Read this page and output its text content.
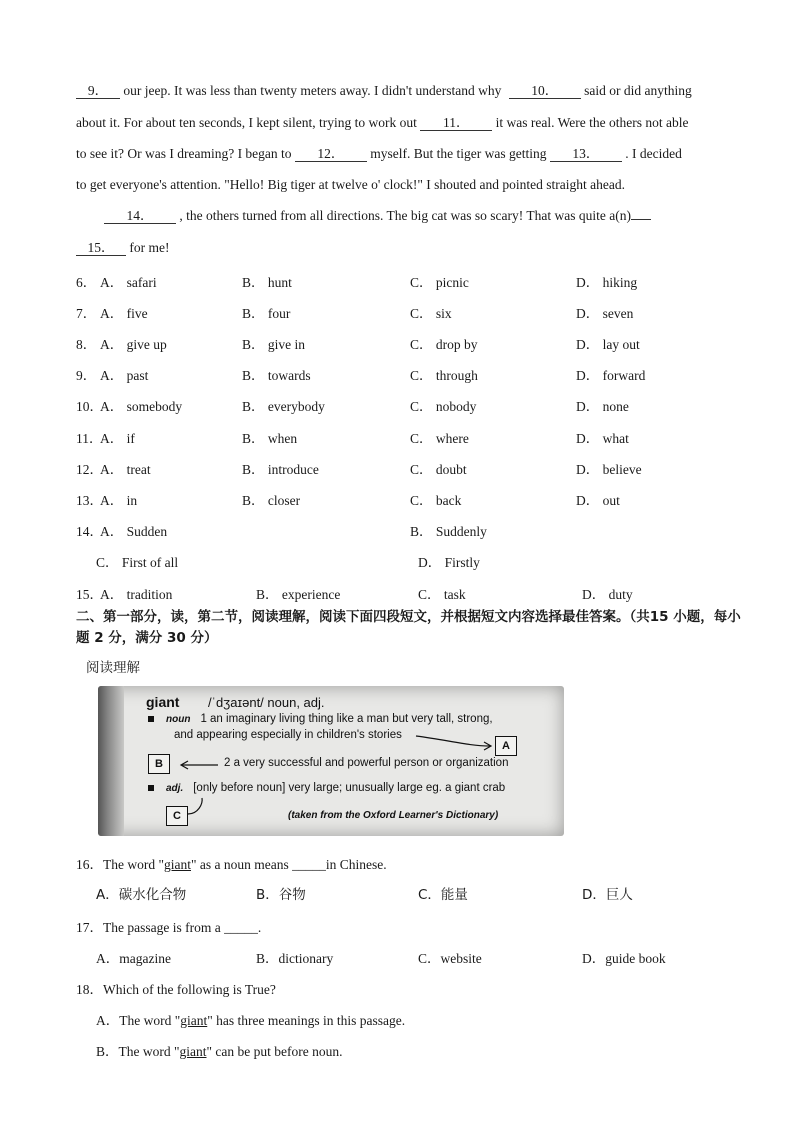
9． our jeep. It was less than twenty meters away. I didn't understand why 10． said or did anything
about it. For about ten seconds, I kept silent, trying to work out 11． it was real. Were the others not able
to see it? Or was I dreaming? I began to 12． myself. But the tiger was getting 13． . I decided
to get everyone's attention. "Hello! Big tiger at twelve o' clock!" I shouted and pointed straight ahead.
14． , the others turned from all directions. The big cat was so scary! That was quite a(n)
15． for me!
6． A． safari	B． hunt	C． picnic	D． hiking
7． A． five	B． four	C． six	D． seven
8． A． give up	B． give in	C． drop by	D． lay out
9． A． past	B． towards	C． through	D． forward
10．
A． somebody	B． everybody	C． nobody	D． none
11．
A． if	B． when	C． where	D． what
12．
A． treat	B． introduce	C． doubt	D． believe
13．
A． in	B． closer	C． back	D． out
14．
A． Sudden	B． Suddenly
C． First of all	D． Firstly
15．
A． tradition	B． experience	C． task	D． duty
二、第一部分，读，第二节，阅读理解，阅读下面四段短文，并根据短文内容选择最佳答案。（共15 小题，每小题 2 分，满分 30 分）
阅读理解
giant /ˈdʒaɪənt/ noun, adj.
noun 1 an imaginary living thing like a man but very tall, strong,
and appearing especially in children's stories
A
B	2 a very successful and powerful person or organization
adj. [only before noun] very large; unusually large eg. a giant crab
C	(taken from the Oxford Learner's Dictionary)
16．The word "giant" as a noun means _____in Chinese.
A．碳水化合物	B．谷物	C．能量	D．巨人
17．The passage is from a _____.
A．magazine	B．dictionary	C．website	D．guide book
18．Which of the following is True?
A．The word "giant" has three meanings in this passage.
B．The word "giant" can be put before noun.
